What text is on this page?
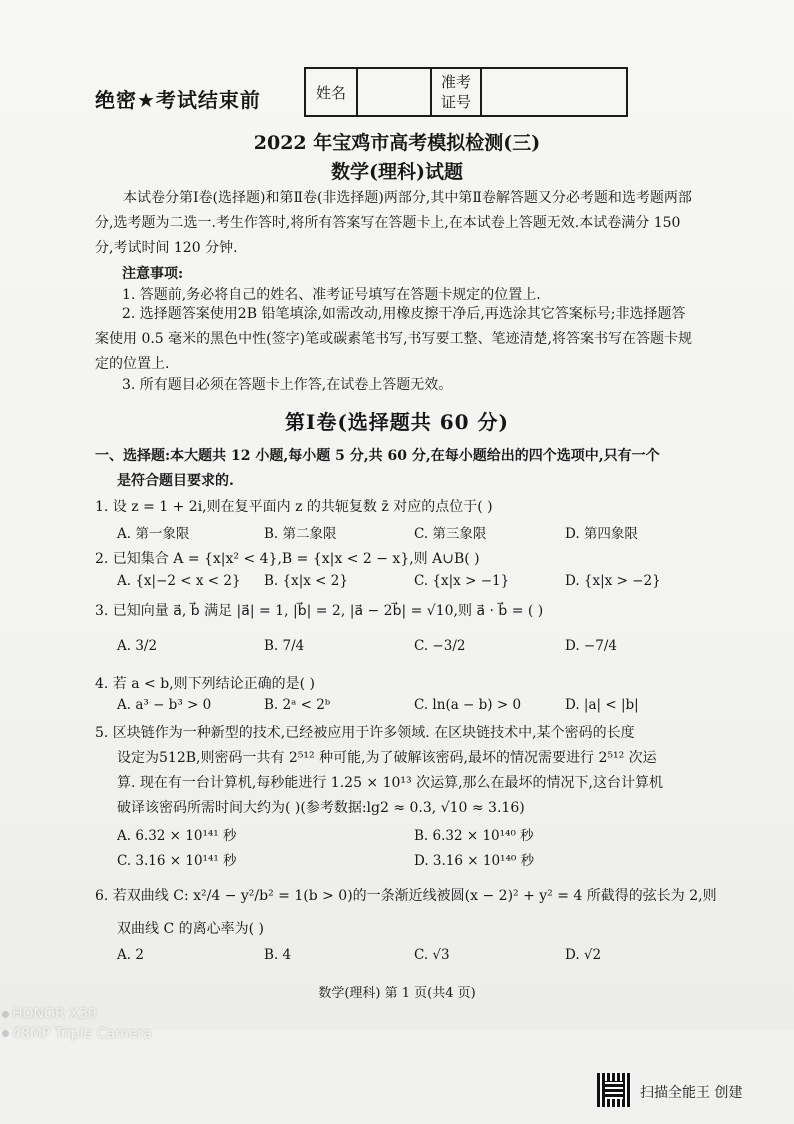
绝密★考试结束前	姓名		准考
证号	
2022 年宝鸡市高考模拟检测(三)
数学(理科)试题
本试卷分第Ⅰ卷(选择题)和第Ⅱ卷(非选择题)两部分,其中第Ⅱ卷解答题又分必考题和选考题两部分,选考题为二选一.考生作答时,将所有答案写在答题卡上,在本试卷上答题无效.本试卷满分 150 分,考试时间 120 分钟.
注意事项:
1. 答题前,务必将自己的姓名、准考证号填写在答题卡规定的位置上.
2. 选择题答案使用2B 铅笔填涂,如需改动,用橡皮擦干净后,再选涂其它答案标号;非选择题答案使用 0.5 毫米的黑色中性(签字)笔或碳素笔书写,书写要工整、笔迹清楚,将答案书写在答题卡规定的位置上.
3. 所有题目必须在答题卡上作答,在试卷上答题无效。
第Ⅰ卷(选择题共 60 分)
一、选择题:本大题共 12 小题,每小题 5 分,共 60 分,在每小题给出的四个选项中,只有一个
是符合题目要求的.
1. 设 z = 1 + 2i,则在复平面内 z 的共轭复数 z̄ 对应的点位于( )
A. 第一象限	B. 第二象限	C. 第三象限	D. 第四象限
2. 已知集合 A = {x|x² < 4},B = {x|x < 2 − x},则 A∪B( )
A. {x|−2 < x < 2} B. {x|x < 2}	C. {x|x > −1}	D. {x|x > −2}
3. 已知向量 a⃗, b⃗ 满足 |a⃗| = 1, |b⃗| = 2, |a⃗ − 2b⃗| = √10,则 a⃗ · b⃗ = ( )
A. 3/2	B. 7/4	C. −3/2	D. −7/4
4. 若 a < b,则下列结论正确的是( )
A. a³ − b³ > 0	B. 2ᵃ < 2ᵇ	C. ln(a − b) > 0	D. |a| < |b|
5. 区块链作为一种新型的技术,已经被应用于许多领域. 在区块链技术中,某个密码的长度
设定为512B,则密码一共有 2⁵¹² 种可能,为了破解该密码,最坏的情况需要进行 2⁵¹² 次运
算. 现在有一台计算机,每秒能进行 1.25 × 10¹³ 次运算,那么在最坏的情况下,这台计算机
破译该密码所需时间大约为( )(参考数据:lg2 ≈ 0.3, √10 ≈ 3.16)
A. 6.32 × 10¹⁴¹ 秒	B. 6.32 × 10¹⁴⁰ 秒
C. 3.16 × 10¹⁴¹ 秒	D. 3.16 × 10¹⁴⁰ 秒
6. 若双曲线 C: x²/4 − y²/b² = 1(b > 0)的一条渐近线被圆(x − 2)² + y² = 4 所截得的弦长为 2,则
双曲线 C 的离心率为( )
A. 2	B. 4	C. √3	D. √2
数学(理科) 第 1 页(共4 页)
HONOR X30
48MP Triple Camera
扫描全能王 创建
